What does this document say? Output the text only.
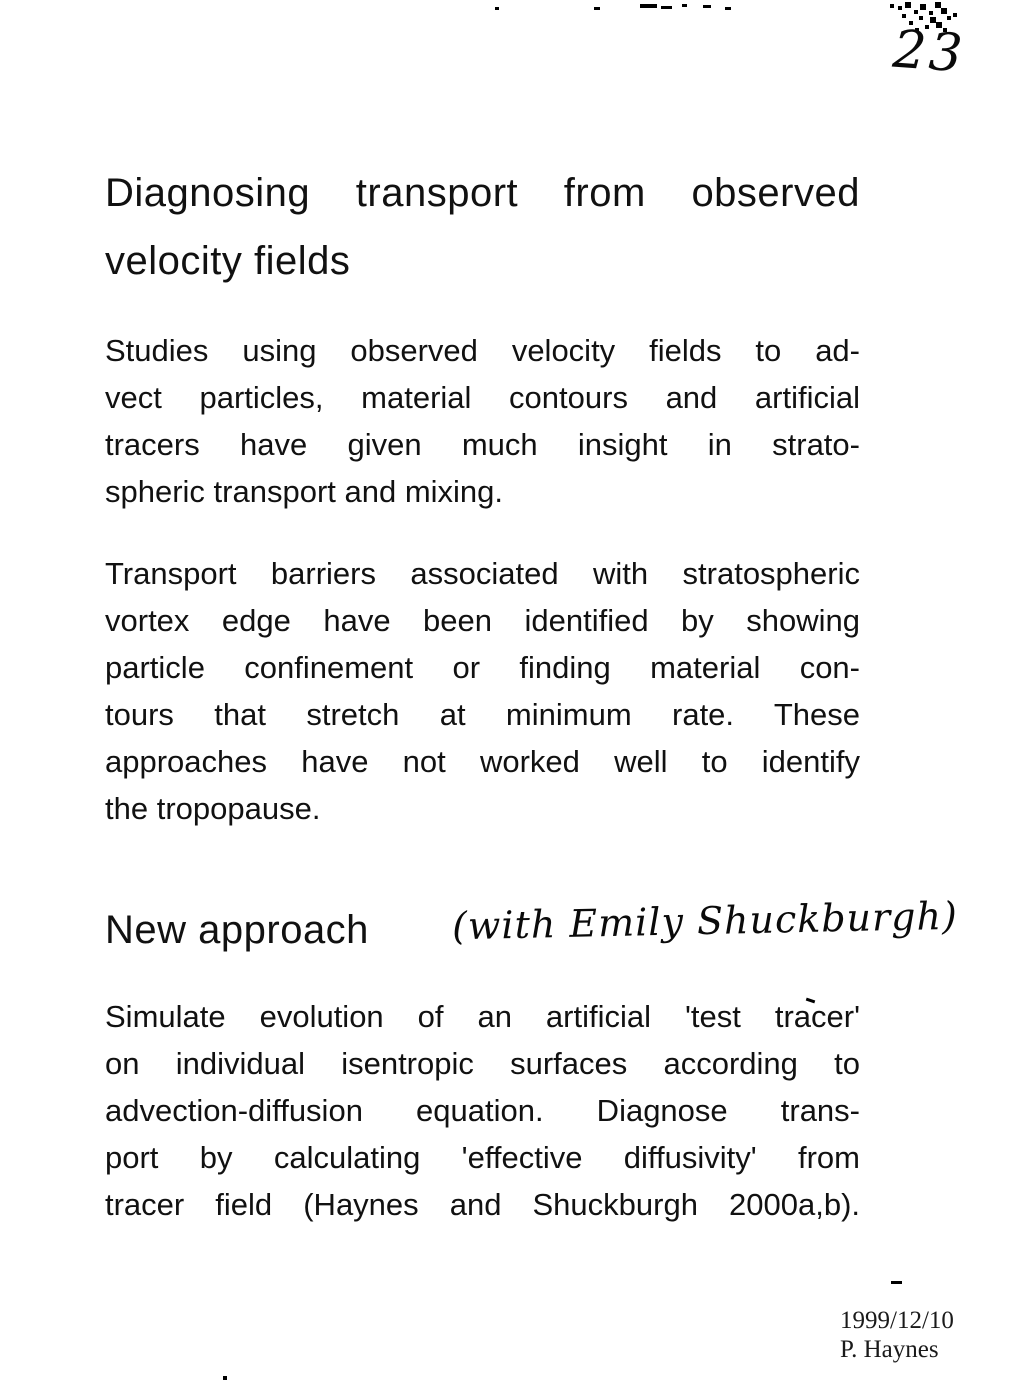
23
Diagnosing transport from observed
velocity fields
Studies using observed velocity fields to ad-
vect particles, material contours and artificial
tracers have given much insight in strato-
spheric transport and mixing.
Transport barriers associated with stratospheric
vortex edge have been identified by showing
particle confinement or finding material con-
tours that stretch at minimum rate. These
approaches have not worked well to identify
the tropopause.
New approach (with Emily Shuckburgh)
Simulate evolution of an artificial 'test tracer'
on individual isentropic surfaces according to
advection-diffusion equation. Diagnose trans-
port by calculating 'effective diffusivity' from
tracer field (Haynes and Shuckburgh 2000a,b).
1999/12/10
P. Haynes
